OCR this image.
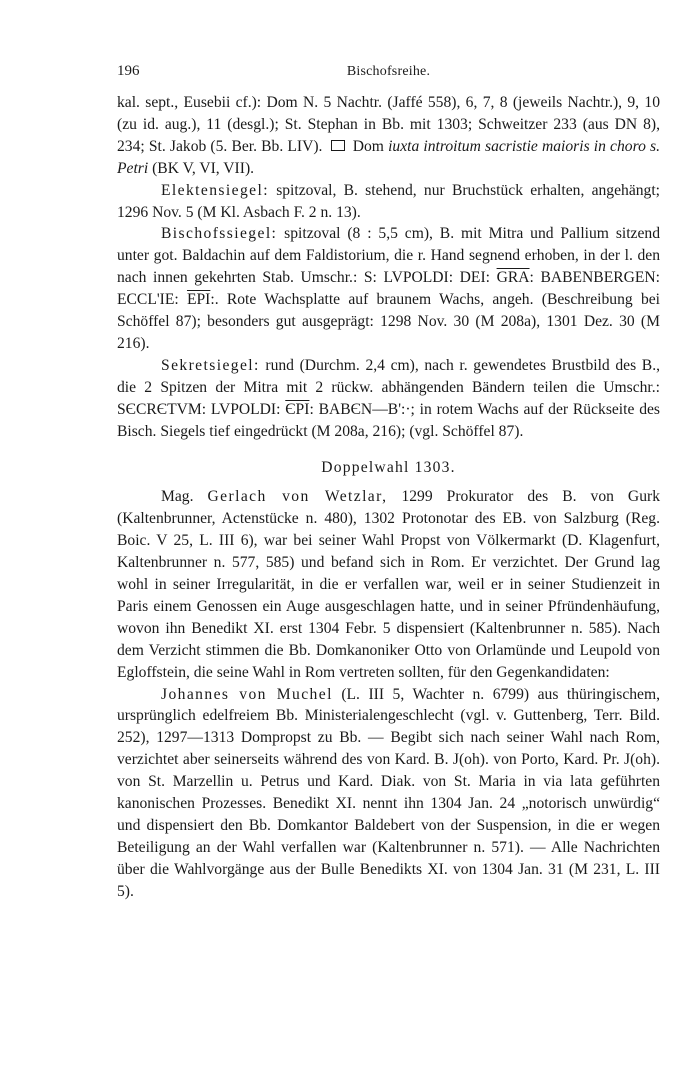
196	Bischofsreihe.

kal. sept., Eusebii cf.): Dom N. 5 Nachtr. (Jaffé 558), 6, 7, 8 (jeweils Nachtr.), 9, 10 (zu id. aug.), 11 (desgl.); St. Stephan in Bb. mit 1303; Schweitzer 233 (aus DN 8), 234; St. Jakob (5. Ber. Bb. LIV). Dom iuxta introitum sacristie maioris in choro s. Petri (BK V, VI, VII).

Elektensiegel: spitzoval, B. stehend, nur Bruchstück erhalten, angehängt; 1296 Nov. 5 (M Kl. Asbach F. 2 n. 13).

Bischofssiegel: spitzoval (8 : 5,5 cm), B. mit Mitra und Pallium sitzend unter got. Baldachin auf dem Faldistorium, die r. Hand segnend erhoben, in der l. den nach innen gekehrten Stab. Umschr.: S: LVPOLDI: DEI: $\overline{GRA}$: BABENBERGEN: ECCL'IE: $\overline{EPI}$:. Rote Wachsplatte auf braunem Wachs, angeh. (Beschreibung bei Schöffel 87); besonders gut ausgeprägt: 1298 Nov. 30 (M 208a), 1301 Dez. 30 (M 216).

Sekretsiegel: rund (Durchm. 2,4 cm), nach r. gewendetes Brustbild des B., die 2 Spitzen der Mitra mit 2 rückw. abhängenden Bändern teilen die Umschr.: SЄCRЄTVM: LVPOLDI: ЄPI: BABЄN—B':·; in rotem Wachs auf der Rückseite des Bisch. Siegels tief eingedrückt (M 208a, 216); (vgl. Schöffel 87).

Doppelwahl 1303.

Mag. Gerlach von Wetzlar, 1299 Prokurator des B. von Gurk (Kaltenbrunner, Actenstücke n. 480), 1302 Protonotar des EB. von Salzburg (Reg. Boic. V 25, L. III 6), war bei seiner Wahl Propst von Völkermarkt (D. Klagenfurt, Kaltenbrunner n. 577, 585) und befand sich in Rom. Er verzichtet. Der Grund lag wohl in seiner Irregularität, in die er verfallen war, weil er in seiner Studienzeit in Paris einem Genossen ein Auge ausgeschlagen hatte, und in seiner Pfründenhäufung, wovon ihn Benedikt XI. erst 1304 Febr. 5 dispensiert (Kaltenbrunner n. 585). Nach dem Verzicht stimmen die Bb. Domkanoniker Otto von Orlamünde und Leupold von Egloffstein, die seine Wahl in Rom vertreten sollten, für den Gegenkandidaten:

Johannes von Muchel (L. III 5, Wachter n. 6799) aus thüringischem, ursprünglich edelfreiem Bb. Ministerialengeschlecht (vgl. v. Guttenberg, Terr. Bild. 252), 1297—1313 Dompropst zu Bb. — Begibt sich nach seiner Wahl nach Rom, verzichtet aber seinerseits während des von Kard. B. J(oh). von Porto, Kard. Pr. J(oh). von St. Marzellin u. Petrus und Kard. Diak. von St. Maria in via lata geführten kanonischen Prozesses. Benedikt XI. nennt ihn 1304 Jan. 24 „notorisch unwürdig“ und dispensiert den Bb. Domkantor Baldebert von der Suspension, in die er wegen Beteiligung an der Wahl verfallen war (Kaltenbrunner n. 571). — Alle Nachrichten über die Wahlvorgänge aus der Bulle Benedikts XI. von 1304 Jan. 31 (M 231, L. III 5).
